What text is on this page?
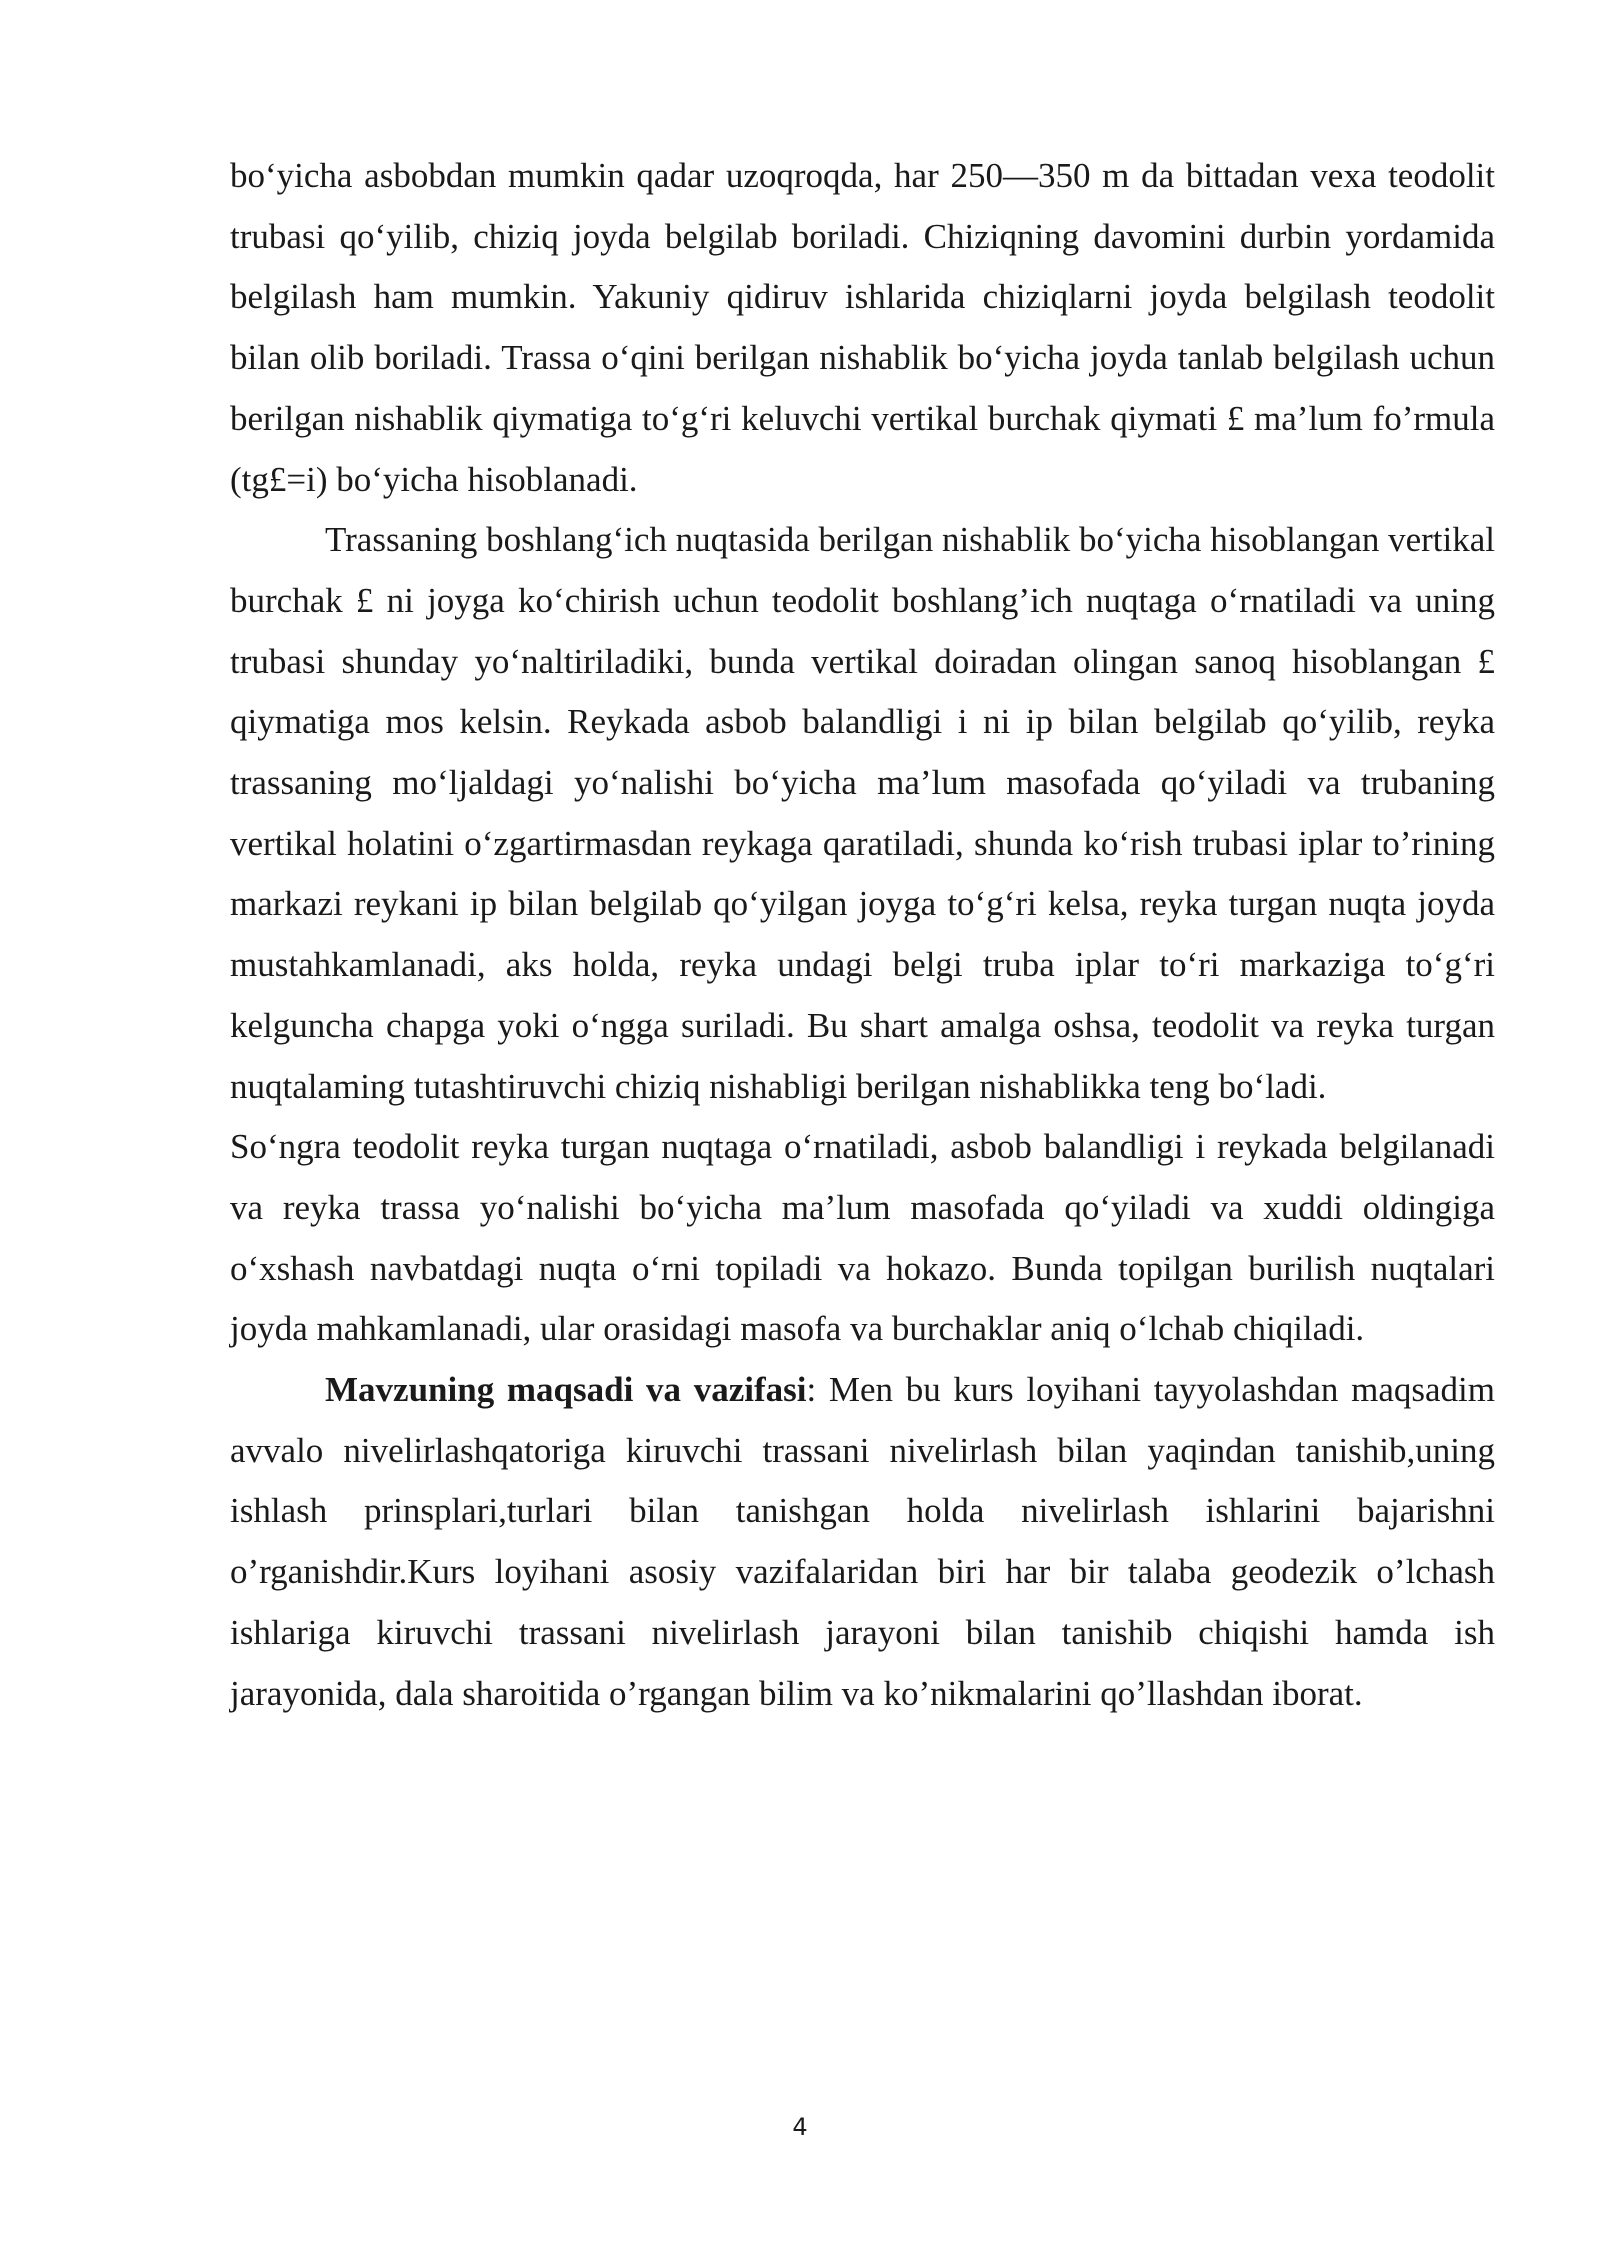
bo‘yicha asbobdan mumkin qadar uzoqroqda, har 250—350 m da bittadan vexa teodolit trubasi qo‘yilib, chiziq joyda belgilab boriladi. Chiziqning davomini durbin yordamida belgilash ham mumkin. Yakuniy qidiruv ishlarida chiziqlarni joyda belgilash teodolit bilan olib boriladi. Trassa o‘qini berilgan nishablik bo‘yicha joyda tanlab belgilash uchun berilgan nishablik qiymatiga to‘g‘ri keluvchi vertikal burchak qiymati £ ma’lum fo’rmula (tg£=i) bo‘yicha hisoblanadi.

Trassaning boshlang‘ich nuqtasida berilgan nishablik bo‘yicha hisoblangan vertikal burchak £ ni joyga ko‘chirish uchun teodolit boshlang’ich nuqtaga o‘rnatiladi va uning trubasi shunday yo‘naltiriladiki, bunda vertikal doiradan olingan sanoq hisoblangan £ qiymatiga mos kelsin. Reykada asbob balandligi i ni ip bilan belgilab qo‘yilib, reyka trassaning mo‘ljaldagi yo‘nalishi bo‘yicha ma’lum masofada qo‘yiladi va trubaning vertikal holatini o‘zgartirmasdan reykaga qaratiladi, shunda ko‘rish trubasi iplar to’rining markazi reykani ip bilan belgilab qo‘yilgan joyga to‘g‘ri kelsa, reyka turgan nuqta joyda mustahkamlanadi, aks holda, reyka undagi belgi truba iplar to‘ri markaziga to‘g‘ri kelguncha chapga yoki o‘ngga suriladi. Bu shart amalga oshsa, teodolit va reyka turgan nuqtalaming tutashtiruvchi chiziq nishabligi berilgan nishablikka teng bo‘ladi.

So‘ngra teodolit reyka turgan nuqtaga o‘rnatiladi, asbob balandligi i reykada belgilanadi va reyka trassa yo‘nalishi bo‘yicha ma’lum masofada qo‘yiladi va xuddi oldingiga o‘xshash navbatdagi nuqta o‘rni topiladi va hokazo. Bunda topilgan burilish nuqtalari joyda mahkamlanadi, ular orasidagi masofa va burchaklar aniq o‘lchab chiqiladi.

Mavzuning maqsadi va vazifasi: Men bu kurs loyihani tayyolashdan maqsadim avvalo nivelirlashqatoriga kiruvchi trassani nivelirlash bilan yaqindan tanishib,uning ishlash prinsplari,turlari bilan tanishgan holda nivelirlash ishlarini bajarishni o’rganishdir.Kurs loyihani asosiy vazifalaridan biri har bir talaba geodezik o’lchash ishlariga kiruvchi trassani nivelirlash jarayoni bilan tanishib chiqishi hamda ish jarayonida, dala sharoitida o’rgangan bilim va ko’nikmalarini qo’llashdan iborat.

4
